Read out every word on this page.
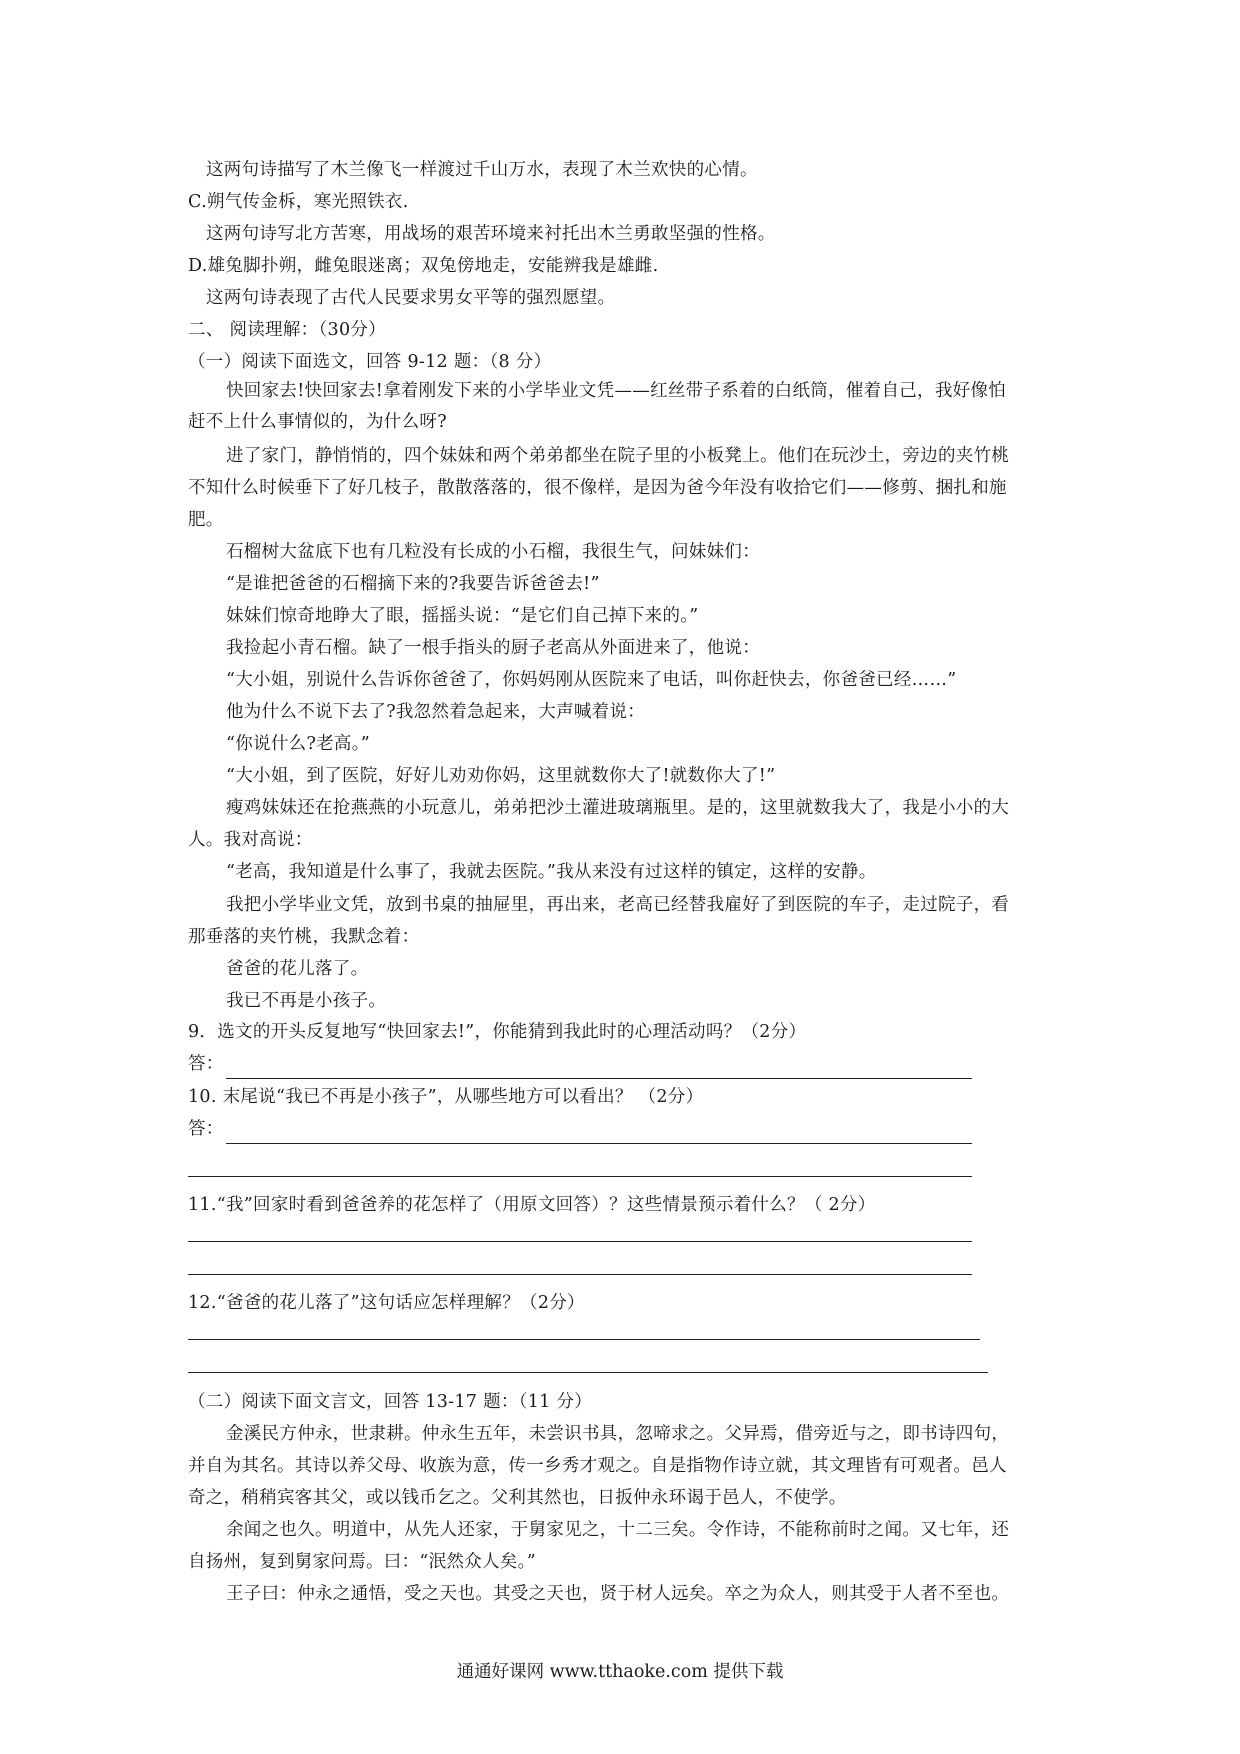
这两句诗描写了木兰像飞一样渡过千山万水，表现了木兰欢快的心情。
C.朔气传金柝，寒光照铁衣.
这两句诗写北方苦寒，用战场的艰苦环境来衬托出木兰勇敢坚强的性格。
D.雄兔脚扑朔，雌兔眼迷离；双兔傍地走，安能辨我是雄雌.
这两句诗表现了古代人民要求男女平等的强烈愿望。
二、 阅读理解：（30分）
（一）阅读下面选文，回答 9-12 题：（8 分）
快回家去!快回家去!拿着刚发下来的小学毕业文凭——红丝带子系着的白纸筒，催着自己，我好像怕
赶不上什么事情似的，为什么呀?
进了家门，静悄悄的，四个妹妹和两个弟弟都坐在院子里的小板凳上。他们在玩沙土，旁边的夹竹桃
不知什么时候垂下了好几枝子，散散落落的，很不像样，是因为爸今年没有收拾它们——修剪、捆扎和施
肥。
石榴树大盆底下也有几粒没有长成的小石榴，我很生气，问妹妹们：
“是谁把爸爸的石榴摘下来的?我要告诉爸爸去!”
妹妹们惊奇地睁大了眼，摇摇头说：“是它们自己掉下来的。”
我捡起小青石榴。缺了一根手指头的厨子老高从外面进来了，他说：
“大小姐，别说什么告诉你爸爸了，你妈妈刚从医院来了电话，叫你赶快去，你爸爸已经……”
他为什么不说下去了?我忽然着急起来，大声喊着说：
“你说什么?老高。”
“大小姐，到了医院，好好儿劝劝你妈，这里就数你大了!就数你大了!”
瘦鸡妹妹还在抢燕燕的小玩意儿，弟弟把沙土灌进玻璃瓶里。是的，这里就数我大了，我是小小的大
人。我对高说：
“老高，我知道是什么事了，我就去医院。”我从来没有过这样的镇定，这样的安静。
我把小学毕业文凭，放到书桌的抽屉里，再出来，老高已经替我雇好了到医院的车子，走过院子，看
那垂落的夹竹桃，我默念着：
爸爸的花儿落了。
我已不再是小孩子。
9．选文的开头反复地写“快回家去!”，你能猜到我此时的心理活动吗？（2分）
答：
10. 末尾说“我已不再是小孩子”，从哪些地方可以看出？ （2分）
答：
11.“我”回家时看到爸爸养的花怎样了（用原文回答）？这些情景预示着什么？（ 2分）
12.“爸爸的花儿落了”这句话应怎样理解？（2分）
（二）阅读下面文言文，回答 13-17 题：（11 分）
金溪民方仲永，世隶耕。仲永生五年，未尝识书具，忽啼求之。父异焉，借旁近与之，即书诗四句，
并自为其名。其诗以养父母、收族为意，传一乡秀才观之。自是指物作诗立就，其文理皆有可观者。邑人
奇之，稍稍宾客其父，或以钱币乞之。父利其然也，日扳仲永环谒于邑人，不使学。
余闻之也久。明道中，从先人还家，于舅家见之，十二三矣。令作诗，不能称前时之闻。又七年，还
自扬州，复到舅家问焉。曰：“泯然众人矣。”
王子曰：仲永之通悟，受之天也。其受之天也，贤于材人远矣。卒之为众人，则其受于人者不至也。
通通好课网 www.tthaoke.com 提供下载
